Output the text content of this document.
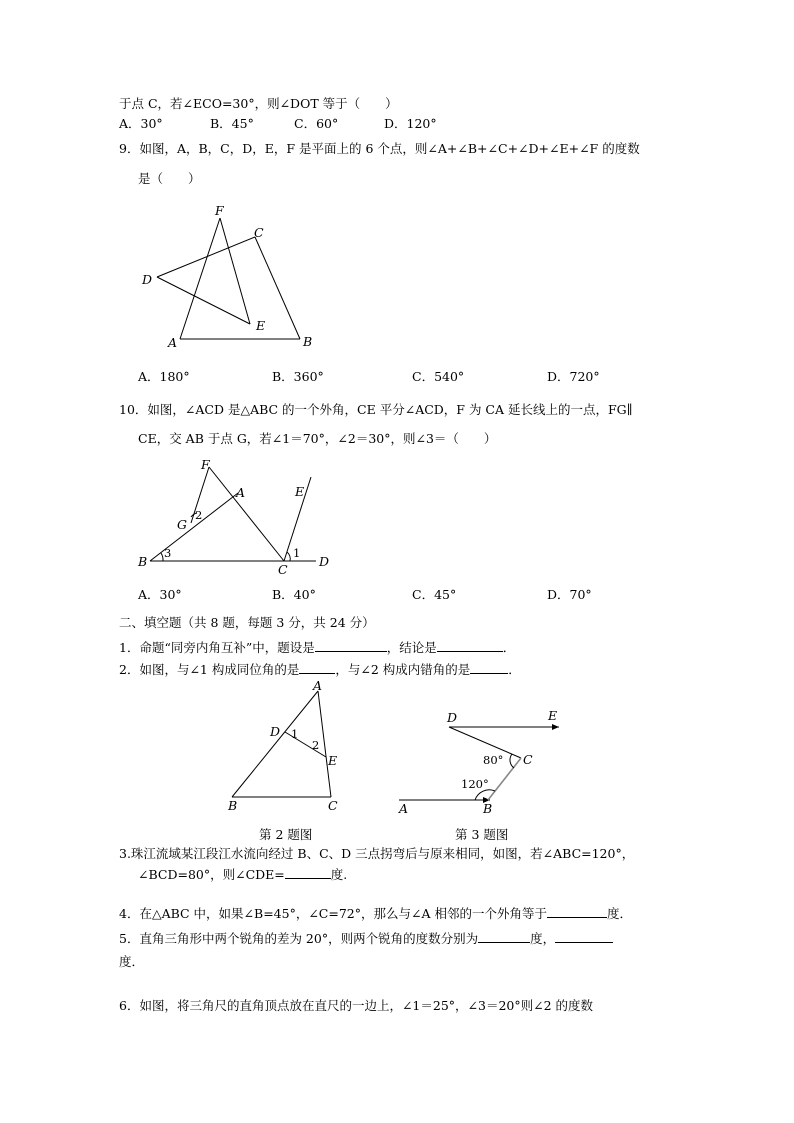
于点 C，若∠ECO=30°，则∠DOT 等于（　　）
A．30°	B．45°	C．60°	D．120°
9．如图，A，B，C，D，E，F 是平面上的 6 个点，则∠A+∠B+∠C+∠D+∠E+∠F 的度数
是（　　）
F
C
D
E
A	B
A．180°	B．360°	C．540°	D．720°
10．如图，∠ACD 是△ABC 的一个外角，CE 平分∠ACD，F 为 CA 延长线上的一点，FG∥
CE，交 AB 于点 G，若∠1＝70°，∠2＝30°，则∠3＝（　　）
F
A	E
G
B
C
D
2
3	1
A．30°	B．40°	C．45°	D．70°
二、填空题（共 8 题，每题 3 分，共 24 分）
1．命题“同旁内角互补”中，题设是	，结论是	．
2．如图，与∠1 构成同位角的是	，与∠2 构成内错角的是	．
A
D
E
B	C
1
2
第 2 题图
D	E
C
A	B
80°
120°
第 3 题图
3.珠江流域某江段江水流向经过 B、C、D 三点拐弯后与原来相同，如图，若∠ABC=120°，
∠BCD=80°，则∠CDE=	度.
4．在△ABC 中，如果∠B=45°，∠C=72°，那么与∠A 相邻的一个外角等于	度．
5．直角三角形中两个锐角的差为 20°，则两个锐角的度数分别为	度，
度．
6．如图，将三角尺的直角顶点放在直尺的一边上，∠1＝25°，∠3＝20°则∠2 的度数
